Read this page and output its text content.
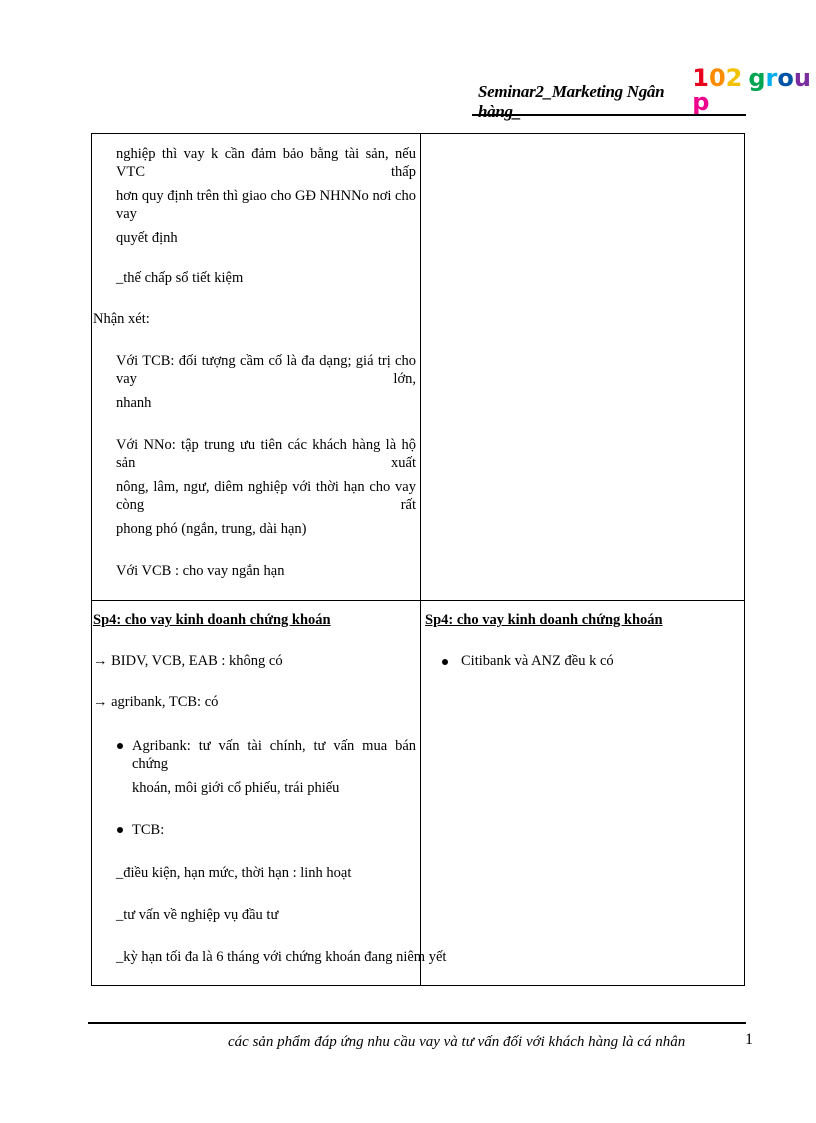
Seminar2_Marketing Ngân hàng_
102 group
nghiệp thì vay k cần đảm bảo bằng tài sản, nếu VTC thấp
hơn quy định trên thì giao cho GĐ NHNNo nơi cho vay
quyết định
_thế chấp sổ tiết kiệm
Nhận xét:
Với TCB: đối tượng cầm cố là đa dạng; giá trị cho vay lớn,
nhanh
Với NNo: tập trung ưu tiên các khách hàng là hộ sản xuất
nông, lâm, ngư, diêm nghiệp với thời hạn cho vay còng rất
phong phó (ngắn, trung, dài hạn)
Với VCB : cho vay ngắn hạn
Sp4: cho vay kinh doanh chứng khoán
→ BIDV, VCB, EAB : không có
→ agribank, TCB: có
Agribank: tư vấn tài chính, tư vấn mua bán chứng
khoán, môi giới cổ phiếu, trái phiếu
TCB:
_điều kiện, hạn mức, thời hạn : linh hoạt
_tư vấn về nghiệp vụ đầu tư
_kỳ hạn tối đa là 6 tháng với chứng khoán đang niêm yết
Sp4: cho vay kinh doanh chứng khoán
Citibank và ANZ đều k có
các sản phẩm đáp ứng nhu cầu vay và tư vấn đối với khách hàng là cá nhân	1
